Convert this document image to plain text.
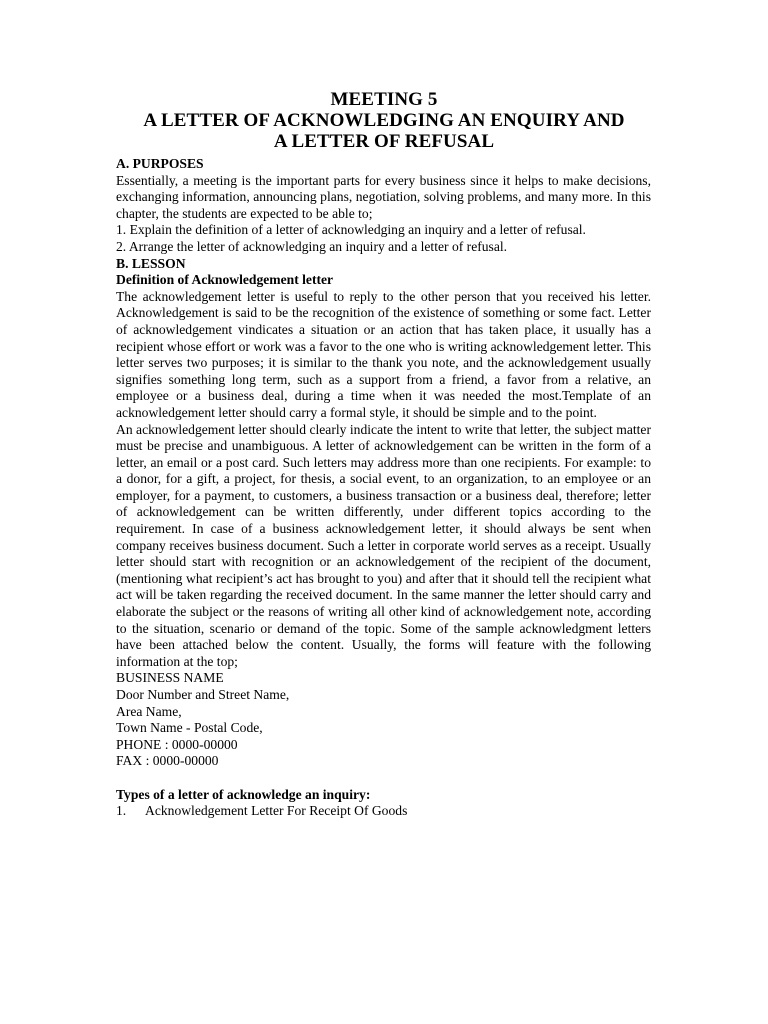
MEETING 5
A LETTER OF ACKNOWLEDGING AN ENQUIRY AND
A LETTER OF REFUSAL
A. PURPOSES

Essentially, a meeting is the important parts for every business since it helps to make decisions, exchanging information, announcing plans, negotiation, solving problems, and many more. In this chapter, the students are expected to be able to;

1. Explain the definition of a letter of acknowledging an inquiry and a letter of refusal.
2. Arrange the letter of acknowledging an inquiry and a letter of refusal.
B. LESSON
Definition of Acknowledgement letter

The acknowledgement letter is useful to reply to the other person that you received his letter. Acknowledgement is said to be the recognition of the existence of something or some fact. Letter of acknowledgement vindicates a situation or an action that has taken place, it usually has a recipient whose effort or work was a favor to the one who is writing acknowledgement letter. This letter serves two purposes; it is similar to the thank you note, and the acknowledgement usually signifies something long term, such as a support from a friend, a favor from a relative, an employee or a business deal, during a time when it was needed the most.Template of an acknowledgement letter should carry a formal style, it should be simple and to the point.

An acknowledgement letter should clearly indicate the intent to write that letter, the subject matter must be precise and unambiguous. A letter of acknowledgement can be written in the form of a letter, an email or a post card. Such letters may address more than one recipients. For example: to a donor, for a gift, a project, for thesis, a social event, to an organization, to an employee or an employer, for a payment, to customers, a business transaction or a business deal, therefore; letter of acknowledgement can be written differently, under different topics according to the requirement. In case of a business acknowledgement letter, it should always be sent when company receives business document. Such a letter in corporate world serves as a receipt. Usually letter should start with recognition or an acknowledgement of the recipient of the document, (mentioning what recipient’s act has brought to you) and after that it should tell the recipient what act will be taken regarding the received document. In the same manner the letter should carry and elaborate the subject or the reasons of writing all other kind of acknowledgement note, according to the situation, scenario or demand of the topic. Some of the sample acknowledgment letters have been attached below the content. Usually, the forms will feature with the following information at the top;

BUSINESS NAME
Door Number and Street Name,
Area Name,
Town Name - Postal Code,
PHONE : 0000-00000
FAX : 0000-00000
Types of a letter of acknowledge an inquiry:
1.	Acknowledgement Letter For Receipt Of Goods
